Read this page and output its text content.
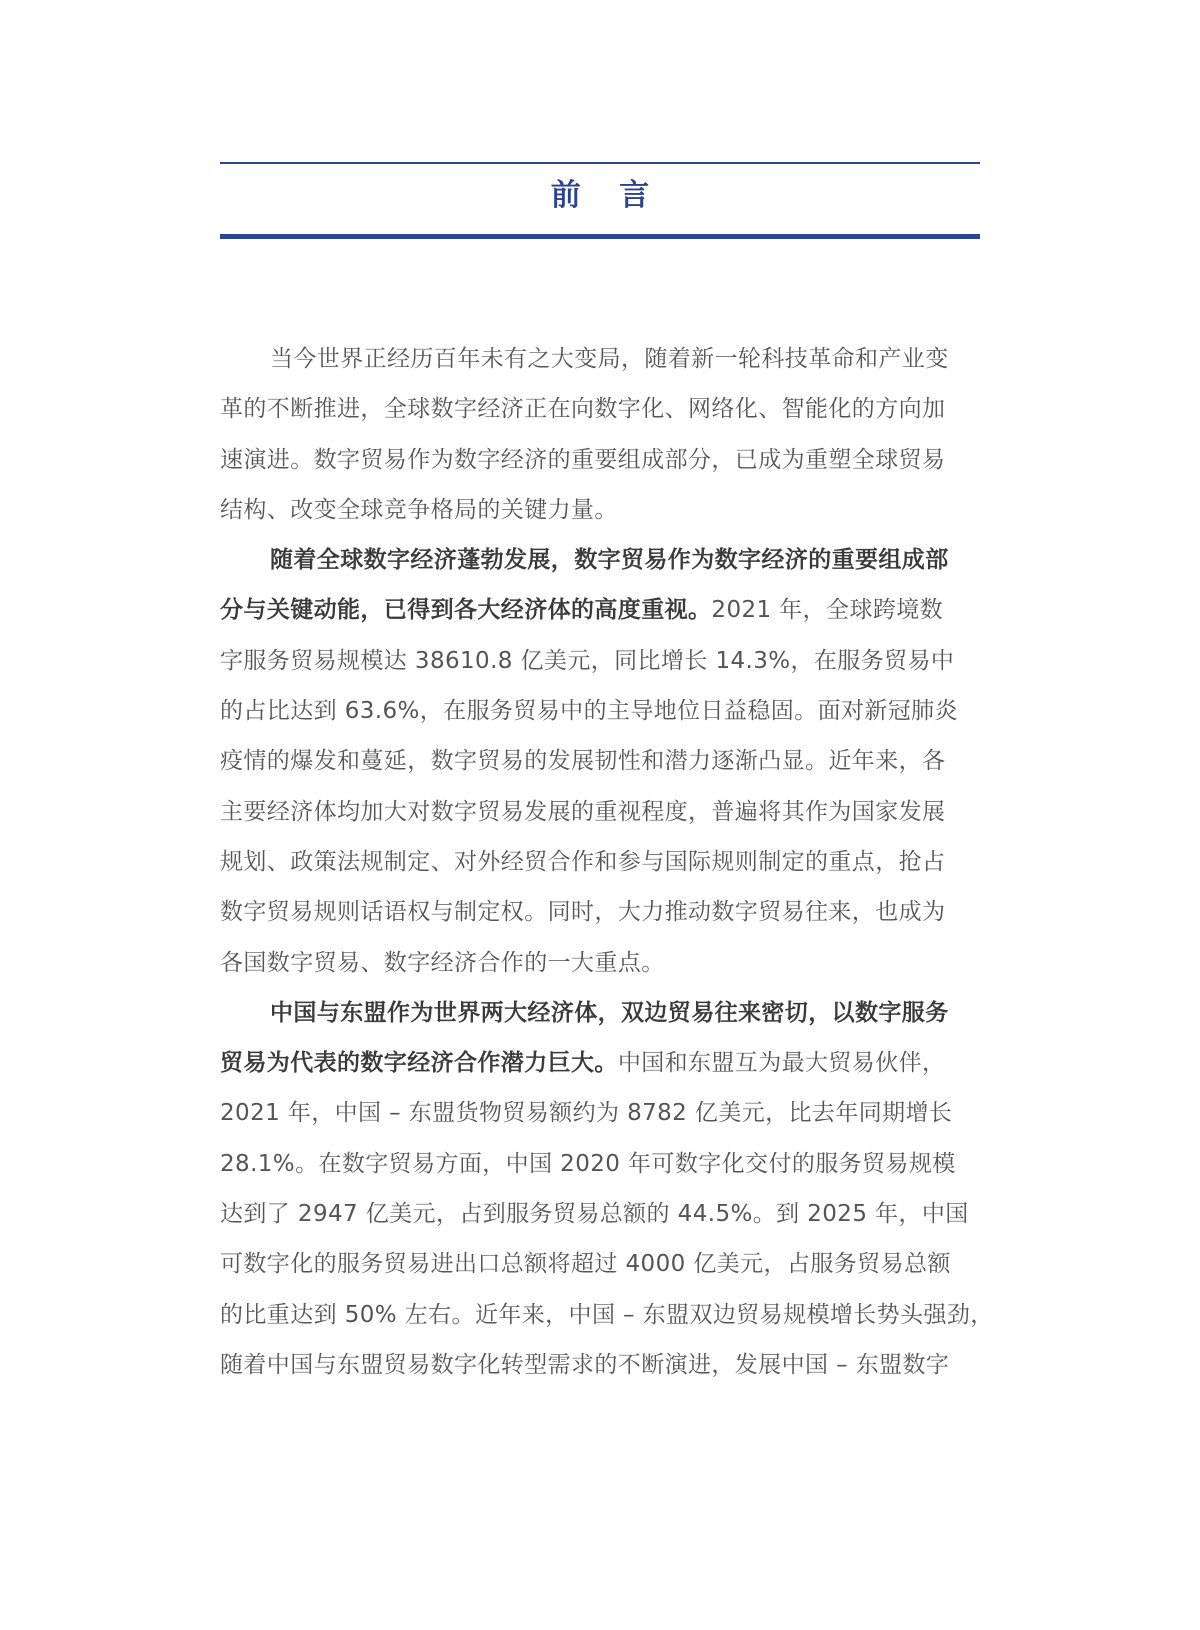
前 言
当今世界正经历百年未有之大变局，随着新一轮科技革命和产业变
革的不断推进，全球数字经济正在向数字化、网络化、智能化的方向加
速演进。数字贸易作为数字经济的重要组成部分，已成为重塑全球贸易
结构、改变全球竞争格局的关键力量。
随着全球数字经济蓬勃发展，数字贸易作为数字经济的重要组成部
分与关键动能，已得到各大经济体的高度重视。2021 年，全球跨境数
字服务贸易规模达 38610.8 亿美元，同比增长 14.3%，在服务贸易中
的占比达到 63.6%，在服务贸易中的主导地位日益稳固。面对新冠肺炎
疫情的爆发和蔓延，数字贸易的发展韧性和潜力逐渐凸显。近年来，各
主要经济体均加大对数字贸易发展的重视程度，普遍将其作为国家发展
规划、政策法规制定、对外经贸合作和参与国际规则制定的重点，抢占
数字贸易规则话语权与制定权。同时，大力推动数字贸易往来，也成为
各国数字贸易、数字经济合作的一大重点。
中国与东盟作为世界两大经济体，双边贸易往来密切，以数字服务
贸易为代表的数字经济合作潜力巨大。中国和东盟互为最大贸易伙伴，
2021 年，中国 – 东盟货物贸易额约为 8782 亿美元，比去年同期增长
28.1%。在数字贸易方面，中国 2020 年可数字化交付的服务贸易规模
达到了 2947 亿美元，占到服务贸易总额的 44.5%。到 2025 年，中国
可数字化的服务贸易进出口总额将超过 4000 亿美元，占服务贸易总额
的比重达到 50% 左右。近年来，中国 – 东盟双边贸易规模增长势头强劲，
随着中国与东盟贸易数字化转型需求的不断演进，发展中国 – 东盟数字
